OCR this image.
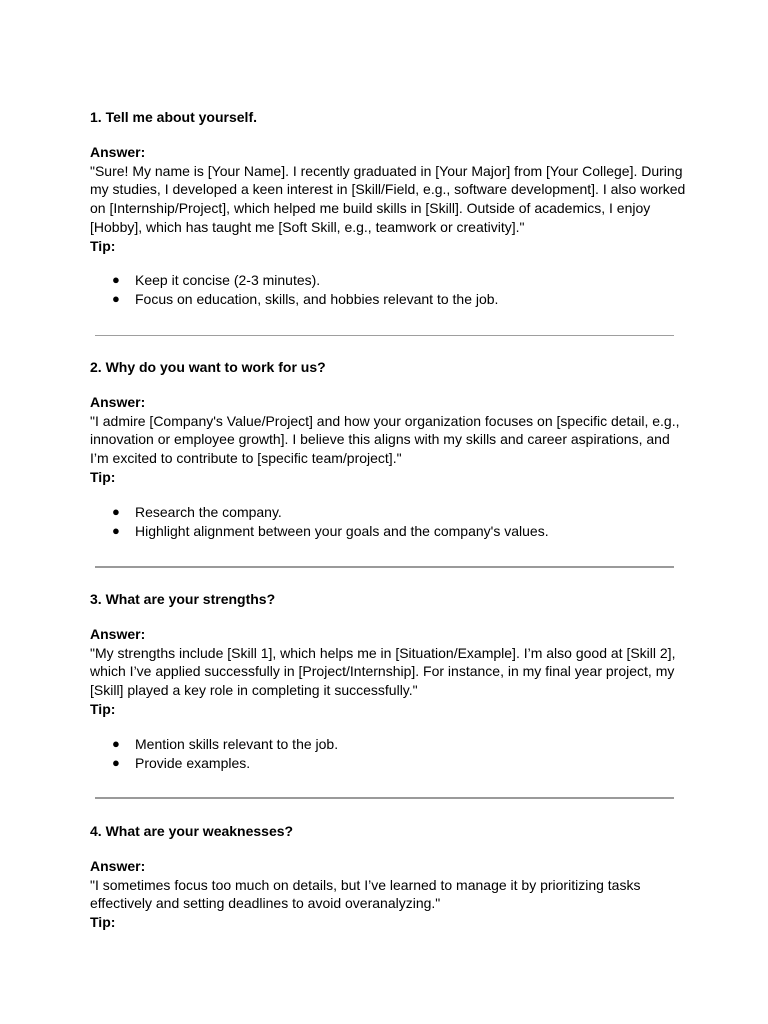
1. Tell me about yourself.

Answer:

"Sure! My name is [Your Name]. I recently graduated in [Your Major] from [Your College]. During
my studies, I developed a keen interest in [Skill/Field, e.g., software development]. I also worked
on [Internship/Project], which helped me build skills in [Skill]. Outside of academics, I enjoy
[Hobby], which has taught me [Soft Skill, e.g., teamwork or creativity]."

Tip:

● Keep it concise (2-3 minutes).
● Focus on education, skills, and hobbies relevant to the job.

2. Why do you want to work for us?

Answer:

"I admire [Company's Value/Project] and how your organization focuses on [specific detail, e.g.,
innovation or employee growth]. I believe this aligns with my skills and career aspirations, and
I’m excited to contribute to [specific team/project]."

Tip:

● Research the company.
● Highlight alignment between your goals and the company's values.

3. What are your strengths?

Answer:

"My strengths include [Skill 1], which helps me in [Situation/Example]. I’m also good at [Skill 2],
which I’ve applied successfully in [Project/Internship]. For instance, in my final year project, my
[Skill] played a key role in completing it successfully."

Tip:

● Mention skills relevant to the job.
● Provide examples.

4. What are your weaknesses?

Answer:

"I sometimes focus too much on details, but I’ve learned to manage it by prioritizing tasks
effectively and setting deadlines to avoid overanalyzing."

Tip:
